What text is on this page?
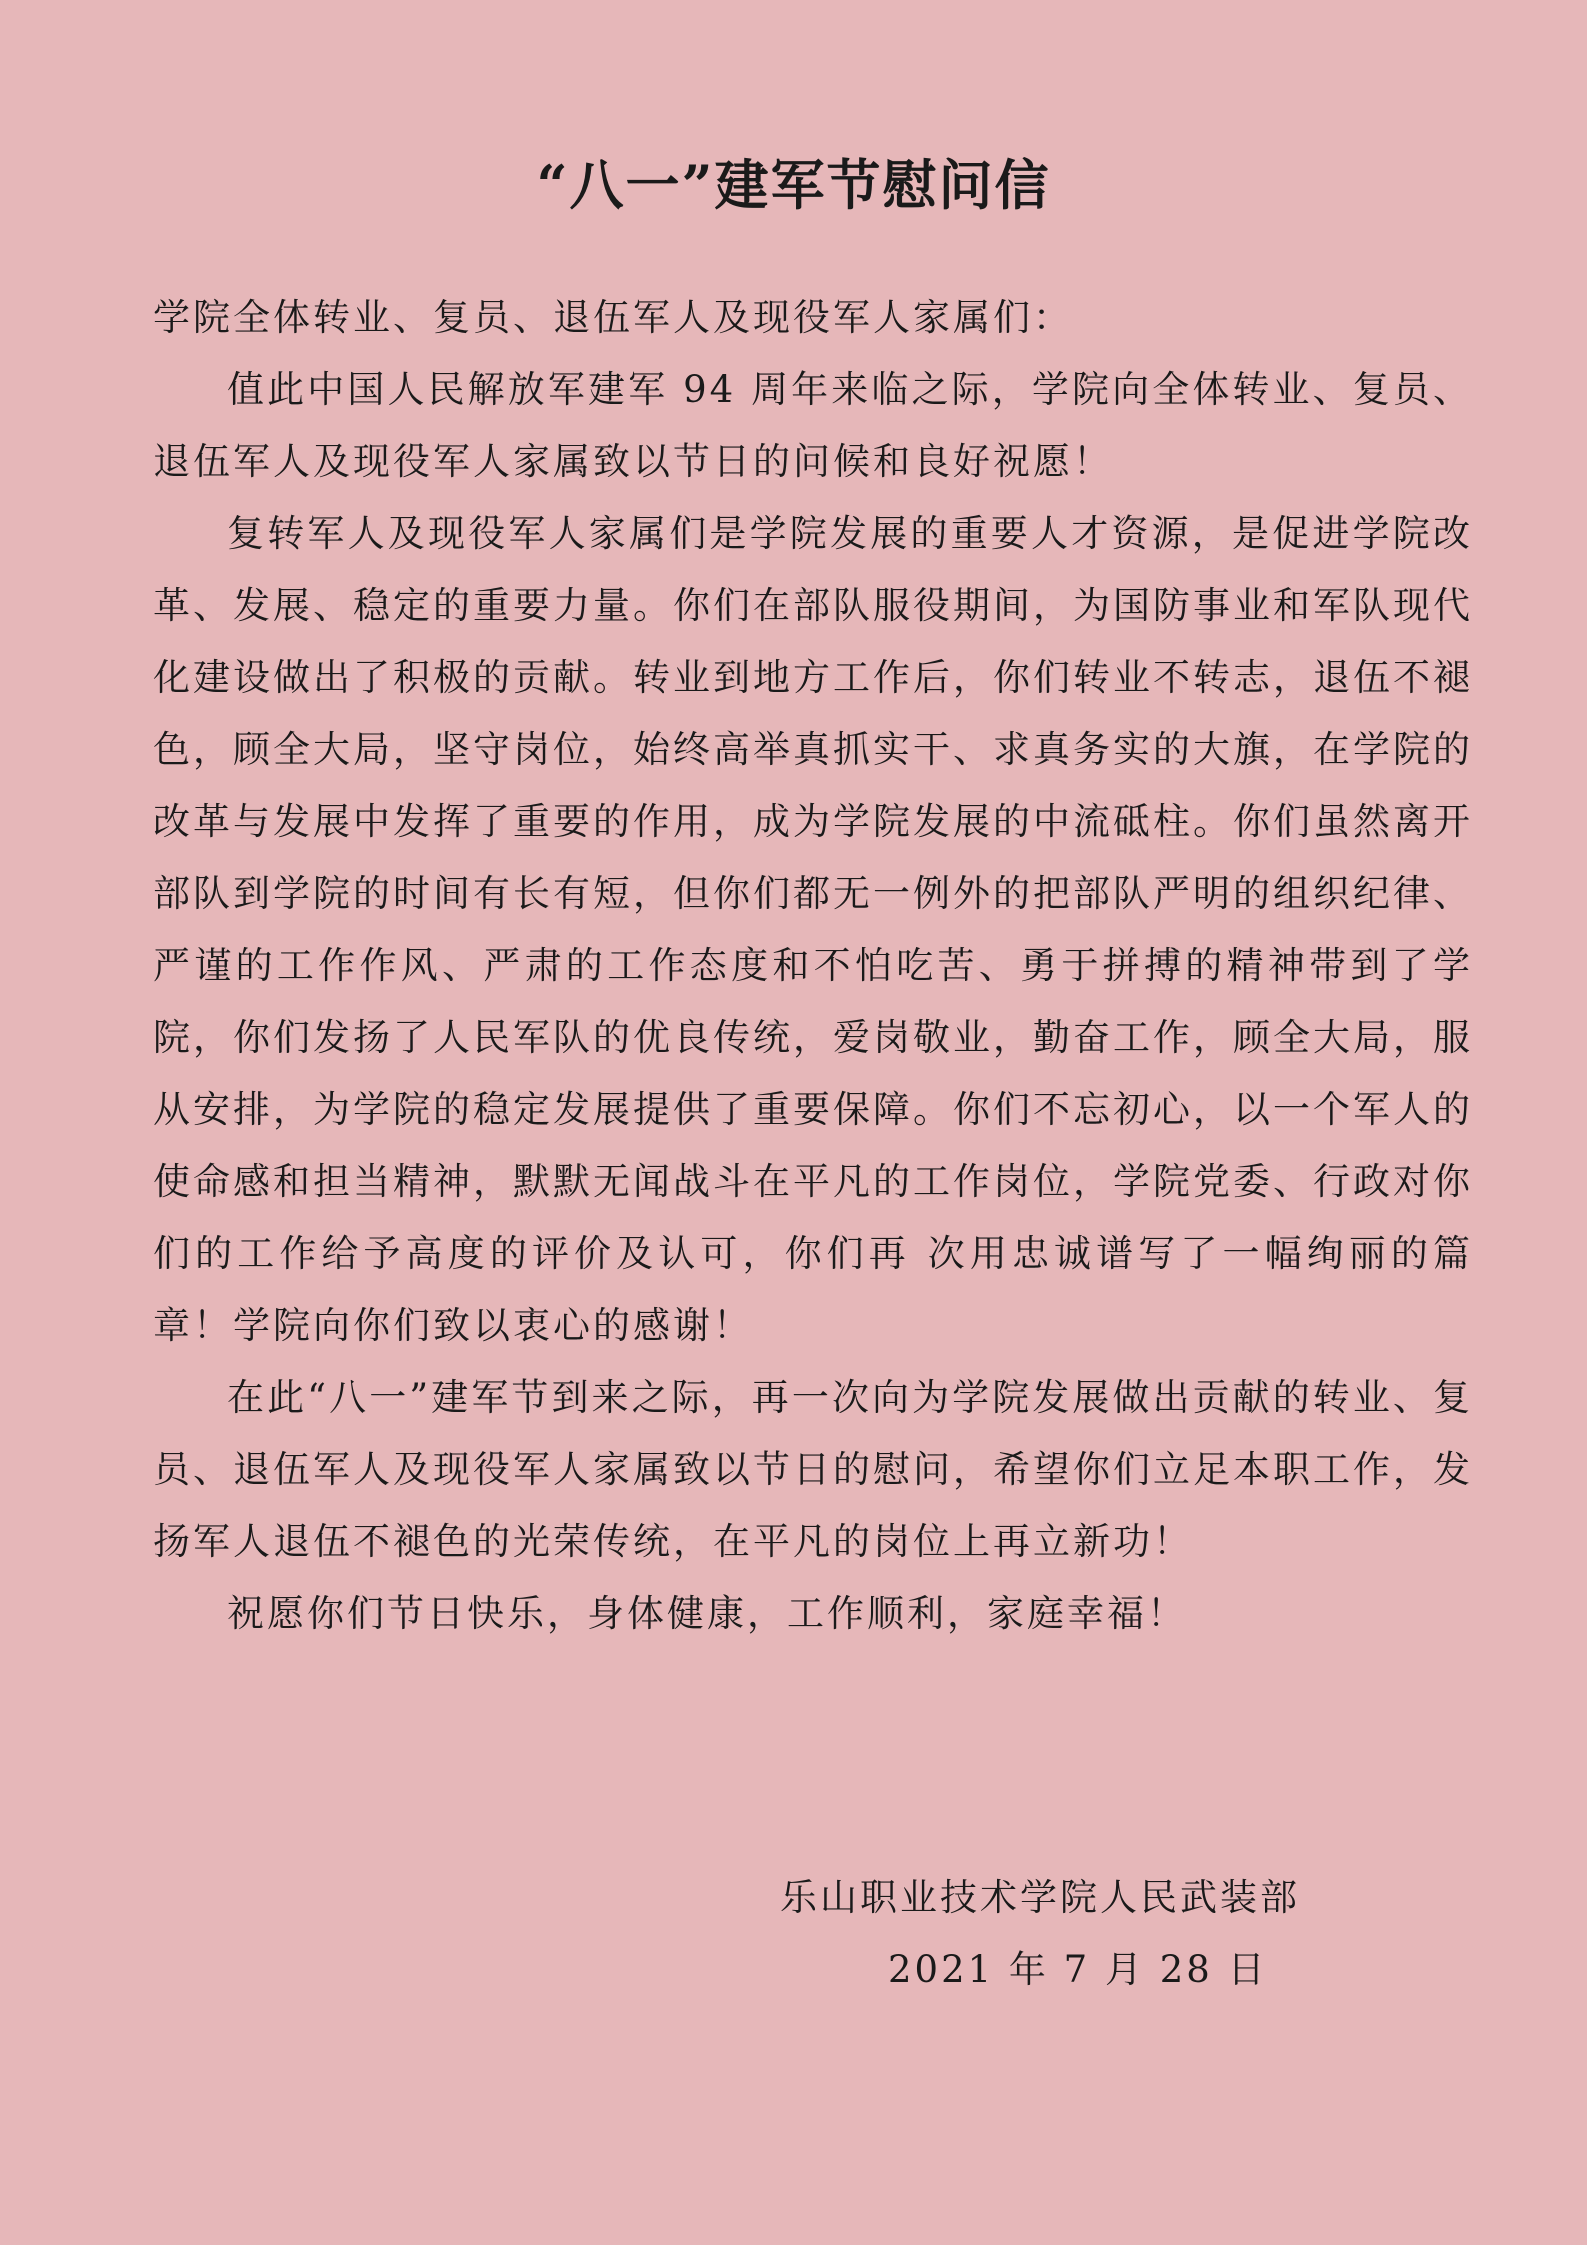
“八一”建军节慰问信

学院全体转业、复员、退伍军人及现役军人家属们：

值此中国人民解放军建军 94 周年来临之际，学院向全体转业、复员、退伍军人及现役军人家属致以节日的问候和良好祝愿！

复转军人及现役军人家属们是学院发展的重要人才资源，是促进学院改革、发展、稳定的重要力量。你们在部队服役期间，为国防事业和军队现代化建设做出了积极的贡献。转业到地方工作后，你们转业不转志，退伍不褪色，顾全大局，坚守岗位，始终高举真抓实干、求真务实的大旗，在学院的改革与发展中发挥了重要的作用，成为学院发展的中流砥柱。你们虽然离开部队到学院的时间有长有短，但你们都无一例外的把部队严明的组织纪律、严谨的工作作风、严肃的工作态度和不怕吃苦、勇于拼搏的精神带到了学院，你们发扬了人民军队的优良传统，爱岗敬业，勤奋工作，顾全大局，服从安排，为学院的稳定发展提供了重要保障。你们不忘初心，以一个军人的使命感和担当精神，默默无闻战斗在平凡的工作岗位，学院党委、行政对你们的工作给予高度的评价及认可，你们再 次用忠诚谱写了一幅绚丽的篇章！学院向你们致以衷心的感谢！

在此“八一”建军节到来之际，再一次向为学院发展做出贡献的转业、复员、退伍军人及现役军人家属致以节日的慰问，希望你们立足本职工作，发扬军人退伍不褪色的光荣传统，在平凡的岗位上再立新功！

祝愿你们节日快乐，身体健康，工作顺利，家庭幸福！

乐山职业技术学院人民武装部

2021 年 7 月 28 日
